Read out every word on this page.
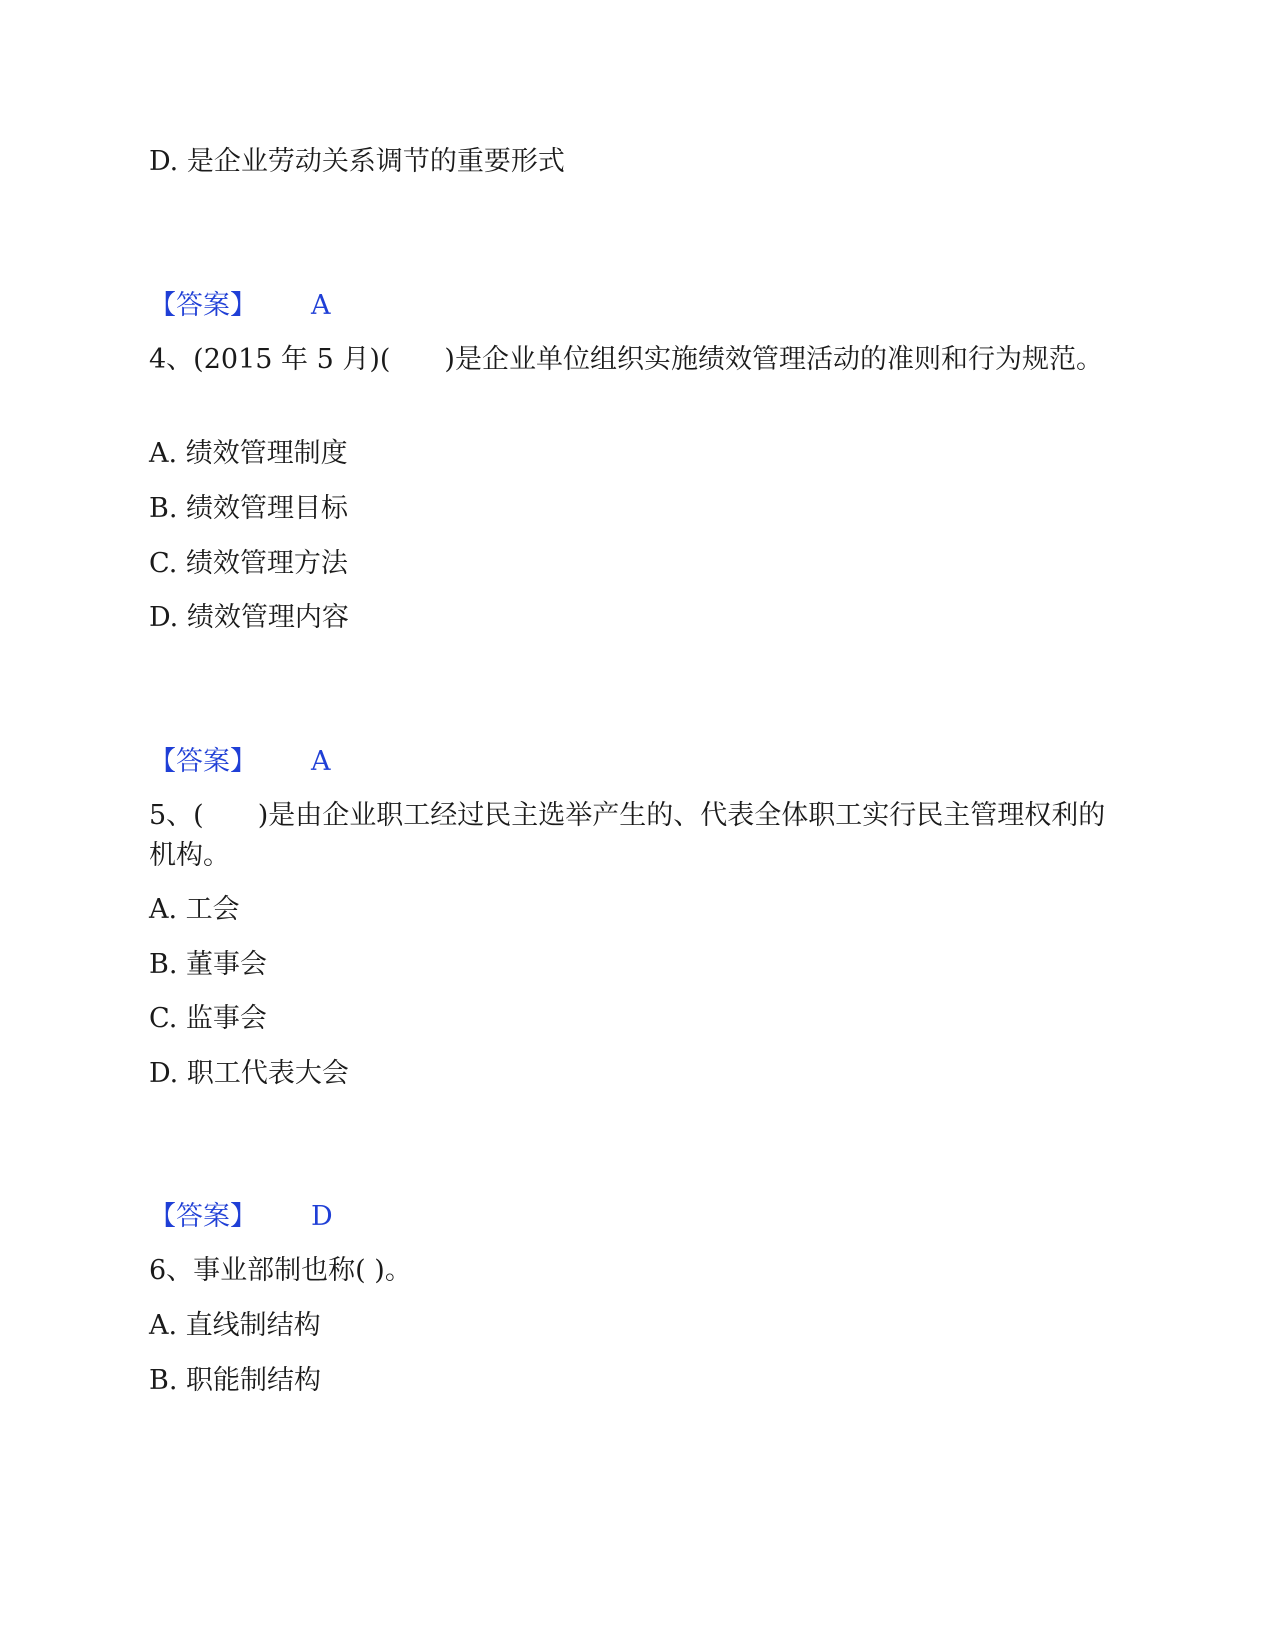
D. 是企业劳动关系调节的重要形式
【答案】 A
4、(2015 年 5 月)(　　)是企业单位组织实施绩效管理活动的准则和行为规范。
A. 绩效管理制度
B. 绩效管理目标
C. 绩效管理方法
D. 绩效管理内容
【答案】 A
5、(　　)是由企业职工经过民主选举产生的、代表全体职工实行民主管理权利的机构。
A. 工会
B. 董事会
C. 监事会
D. 职工代表大会
【答案】 D
6、事业部制也称( )。
A. 直线制结构
B. 职能制结构
